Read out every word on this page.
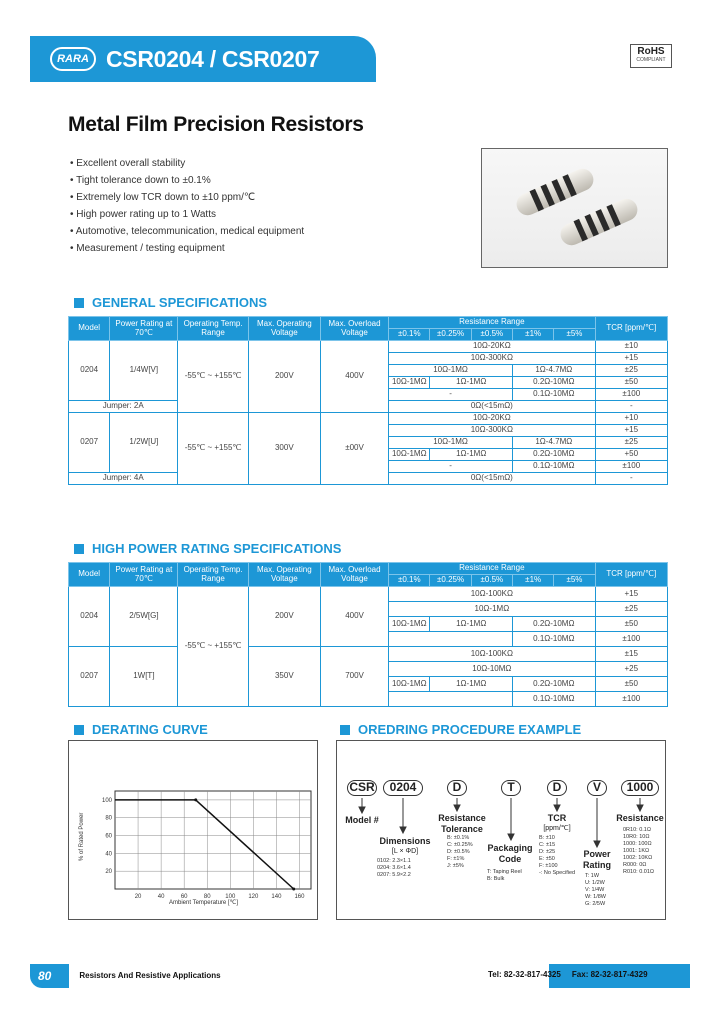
RARA CSR0204 / CSR0207	RoHS
COMPLIANT
Metal Film Precision Resistors
• Excellent overall stability
• Tight tolerance down to ±0.1%
• Extremely low TCR down to ±10 ppm/℃
• High power rating up to 1 Watts
• Automotive, telecommunication, medical equipment
• Measurement / testing equipment
GENERAL SPECIFICATIONS
Model	Power Rating at 70℃	Operating Temp. Range	Max. Operating Voltage	Max. Overload Voltage	Resistance Range					TCR [ppm/℃]
					±0.1%	±0.25%	±0.5%	±1%	±5%	
0204	1/4W[V]	-55℃ ~ +155℃	200V	400V	10Ω-20KΩ					±10
					10Ω-300KΩ					+15
					10Ω-1MΩ			1Ω-4.7MΩ		±25
					10Ω-1MΩ	1Ω-1MΩ		0.2Ω-10MΩ		±50
					-			0.1Ω-10MΩ		±100
Jumper: 2A					0Ω(<15mΩ)					-
0207	1/2W[U]	-55℃ ~ +155℃	300V	±00V	10Ω-20KΩ					+10
					10Ω-300KΩ					+15
					10Ω-1MΩ			1Ω-4.7MΩ		±25
					10Ω-1MΩ	1Ω-1MΩ		0.2Ω-10MΩ		+50
					-			0.1Ω-10MΩ		±100
Jumper: 4A					0Ω(<15mΩ)					-
HIGH POWER RATING SPECIFICATIONS
Model	Power Rating at 70℃	Operating Temp. Range	Max. Operating Voltage	Max. Overload Voltage	Resistance Range					TCR [ppm/℃]
					±0.1%	±0.25%	±0.5%	±1%	±5%	
0204	2/5W[G]	-55℃ ~ +155℃	200V	400V	10Ω-100KΩ					+15
					10Ω-1MΩ					±25
					10Ω-1MΩ	1Ω-1MΩ		0.2Ω-10MΩ		±50
								0.1Ω-10MΩ		±100
0207	1W[T]		350V	700V	10Ω-100KΩ					±15
					10Ω-10MΩ					+25
					10Ω-1MΩ	1Ω-1MΩ		0.2Ω-10MΩ		±50
								0.1Ω-10MΩ		±100
DERATING CURVE
20	40	60	80 100 120 140 160
100
80
60
40
20
% of Rated Power
Ambient Temperature [℃]
OREDRING PROCEDURE EXAMPLE
CSR	0204	D	T	D	V	1000
Model #
Dimensions
[L × ΦD]
0102: 2.3×1.1
0204: 3.6×1.4
0207: 5.9×2.2
Resistance Tolerance
B: ±0.1%
C: ±0.25%
D: ±0.5%
F: ±1%
J: ±5%
Packaging Code
T: Taping Reel
B: Bulk
TCR
[ppm/℃]
B: ±10
C: ±15
D: ±25
E: ±50
F: ±100
-: No Specified
Power Rating
T: 1W
U: 1/2W
V: 1/4W
W: 1/8W
G: 2/5W
Resistance
0R10: 0.1Ω
10R0: 10Ω
1000: 100Ω
1001: 1KΩ
1002: 10KΩ
R000: 0Ω
R010: 0.01Ω
80	Resistors And Resistive Applications	Tel: 82-32-817-4325 Fax: 82-32-817-4329
